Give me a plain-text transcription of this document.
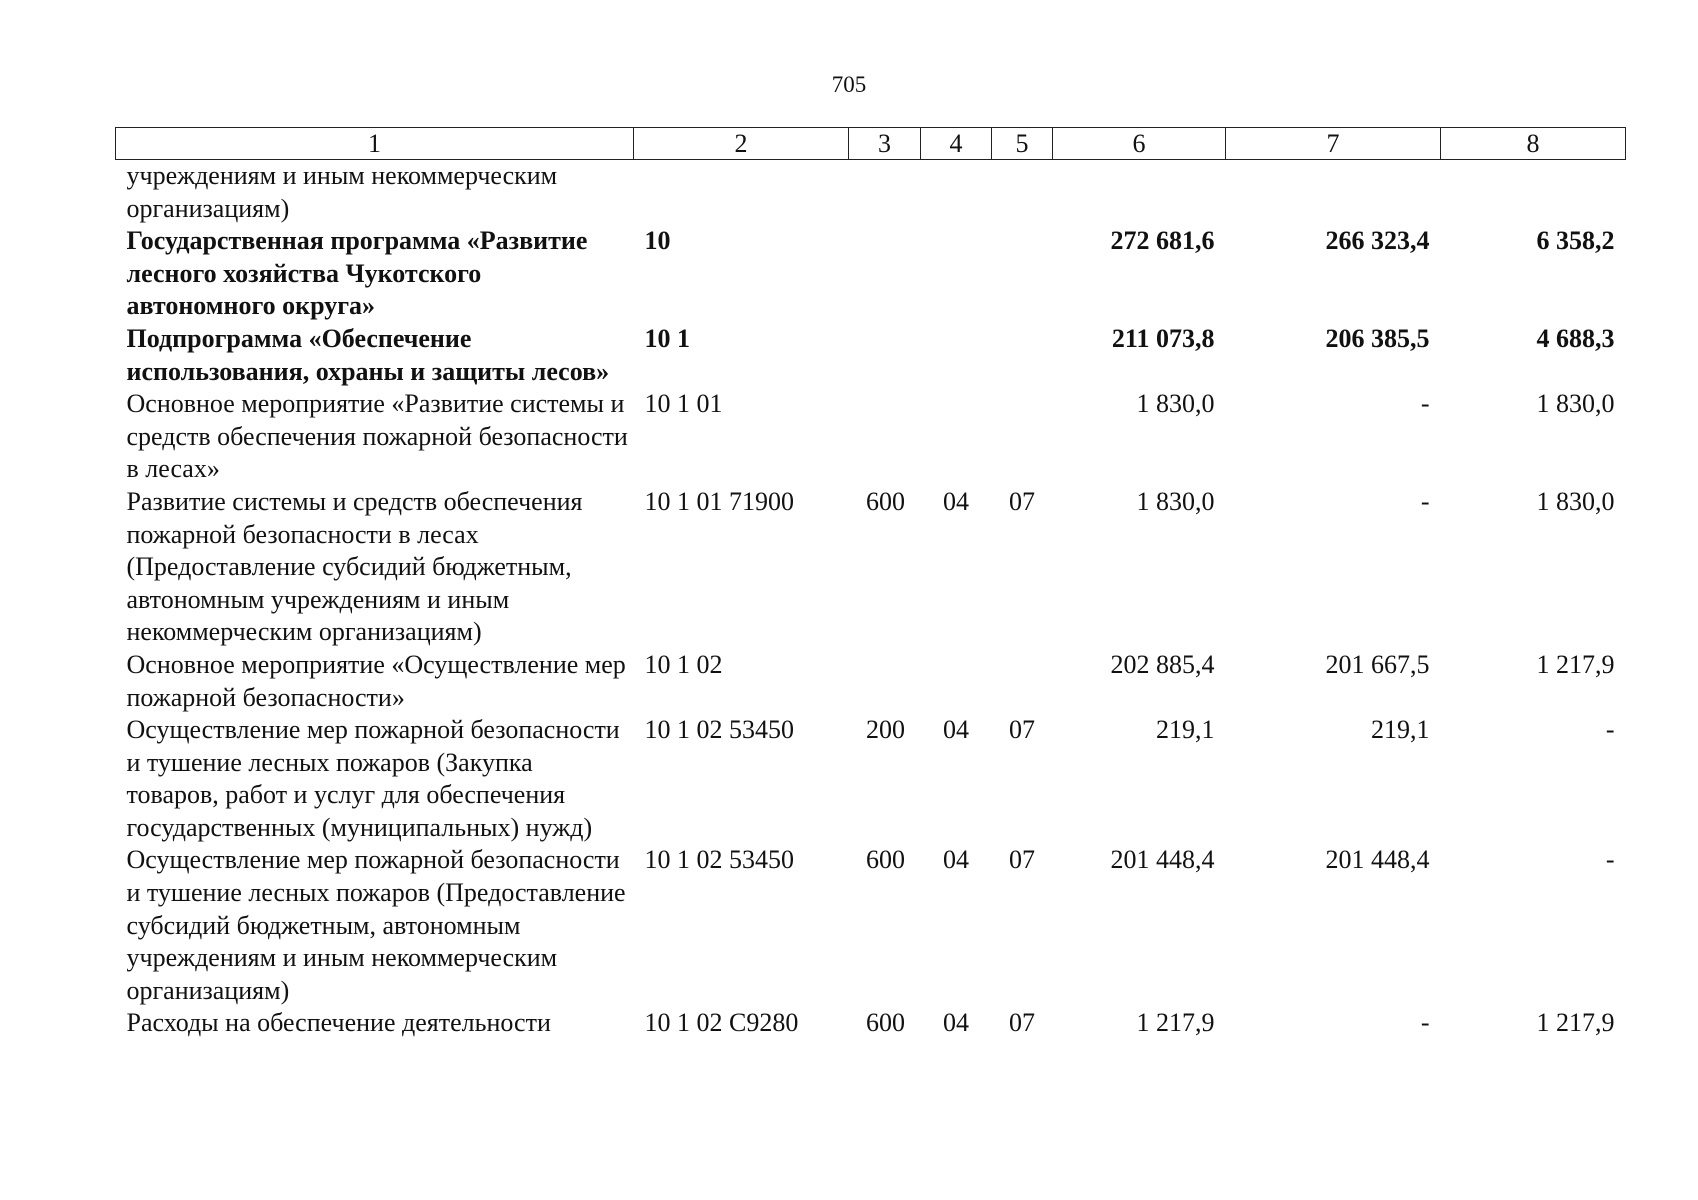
705
1	2	3	4	5	6	7	8
учреждениям и иным некоммерческим организациям)							
Государственная программа «Развитие лесного хозяйства Чукотского автономного округа»	10				272 681,6	266 323,4	6 358,2
Подпрограмма «Обеспечение использования, охраны и защиты лесов»	10 1				211 073,8	206 385,5	4 688,3
Основное мероприятие «Развитие системы и средств обеспечения пожарной безопасности в лесах»	10 1 01				1 830,0	-	1 830,0
Развитие системы и средств обеспечения пожарной безопасности в лесах (Предоставление субсидий бюджетным, автономным учреждениям и иным некоммерческим организациям)	10 1 01 71900	600	04	07	1 830,0	-	1 830,0
Основное мероприятие «Осуществление мер пожарной безопасности»	10 1 02				202 885,4	201 667,5	1 217,9
Осуществление мер пожарной безопасности и тушение лесных пожаров (Закупка товаров, работ и услуг для обеспечения государственных (муниципальных) нужд)	10 1 02 53450	200	04	07	219,1	219,1	-
Осуществление мер пожарной безопасности и тушение лесных пожаров (Предоставление субсидий бюджетным, автономным учреждениям и иным некоммерческим организациям)	10 1 02 53450	600	04	07	201 448,4	201 448,4	-
Расходы на обеспечение деятельности	10 1 02 С9280	600	04	07	1 217,9	-	1 217,9
